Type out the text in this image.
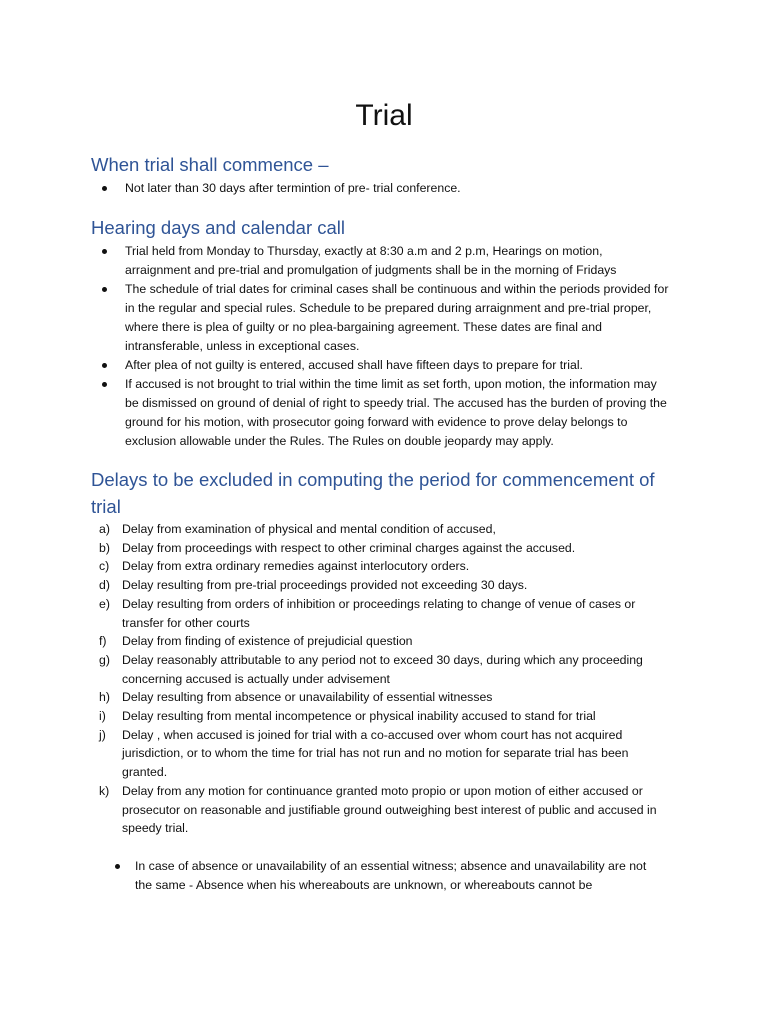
Trial
When trial shall commence –
Not later than 30 days after termintion of pre- trial conference.
Hearing days and calendar call
Trial held from Monday to Thursday, exactly at 8:30 a.m and 2 p.m, Hearings on motion, arraignment and pre-trial and promulgation of judgments shall be in the morning of Fridays
The schedule of trial dates for criminal cases shall be continuous and within the periods provided for in the regular and special rules. Schedule to be prepared during arraignment and pre-trial proper, where there is plea of guilty or no plea-bargaining agreement. These dates are final and intransferable, unless in exceptional cases.
After plea of not guilty is entered, accused shall have fifteen days to prepare for trial.
If accused is not brought to trial within the time limit as set forth, upon motion, the information may be dismissed on ground of denial of right to speedy trial. The accused has the burden of proving the ground for his motion, with prosecutor going forward with evidence to prove delay belongs to exclusion allowable under the Rules. The Rules on double jeopardy may apply.
Delays to be excluded in computing the period for commencement of trial
a) Delay from examination of physical and mental condition of accused,
b) Delay from proceedings with respect to other criminal charges against the accused.
c) Delay from extra ordinary remedies against interlocutory orders.
d) Delay resulting from pre-trial proceedings provided not exceeding 30 days.
e) Delay resulting from orders of inhibition or proceedings relating to change of venue of cases or transfer for other courts
f) Delay from finding of existence of prejudicial question
g) Delay reasonably attributable to any period not to exceed 30 days, during which any proceeding concerning accused is actually under advisement
h) Delay resulting from absence or unavailability of essential witnesses
i) Delay resulting from mental incompetence or physical inability accused to stand for trial
j) Delay , when accused is joined for trial with a co-accused over whom court has not acquired jurisdiction, or to whom the time for trial has not run and no motion for separate trial has been granted.
k) Delay from any motion for continuance granted moto propio or upon motion of either accused or prosecutor on reasonable and justifiable ground outweighing best interest of public and accused in speedy trial.
In case of absence or unavailability of an essential witness; absence and unavailability are not the same - Absence when his whereabouts are unknown, or whereabouts cannot be
